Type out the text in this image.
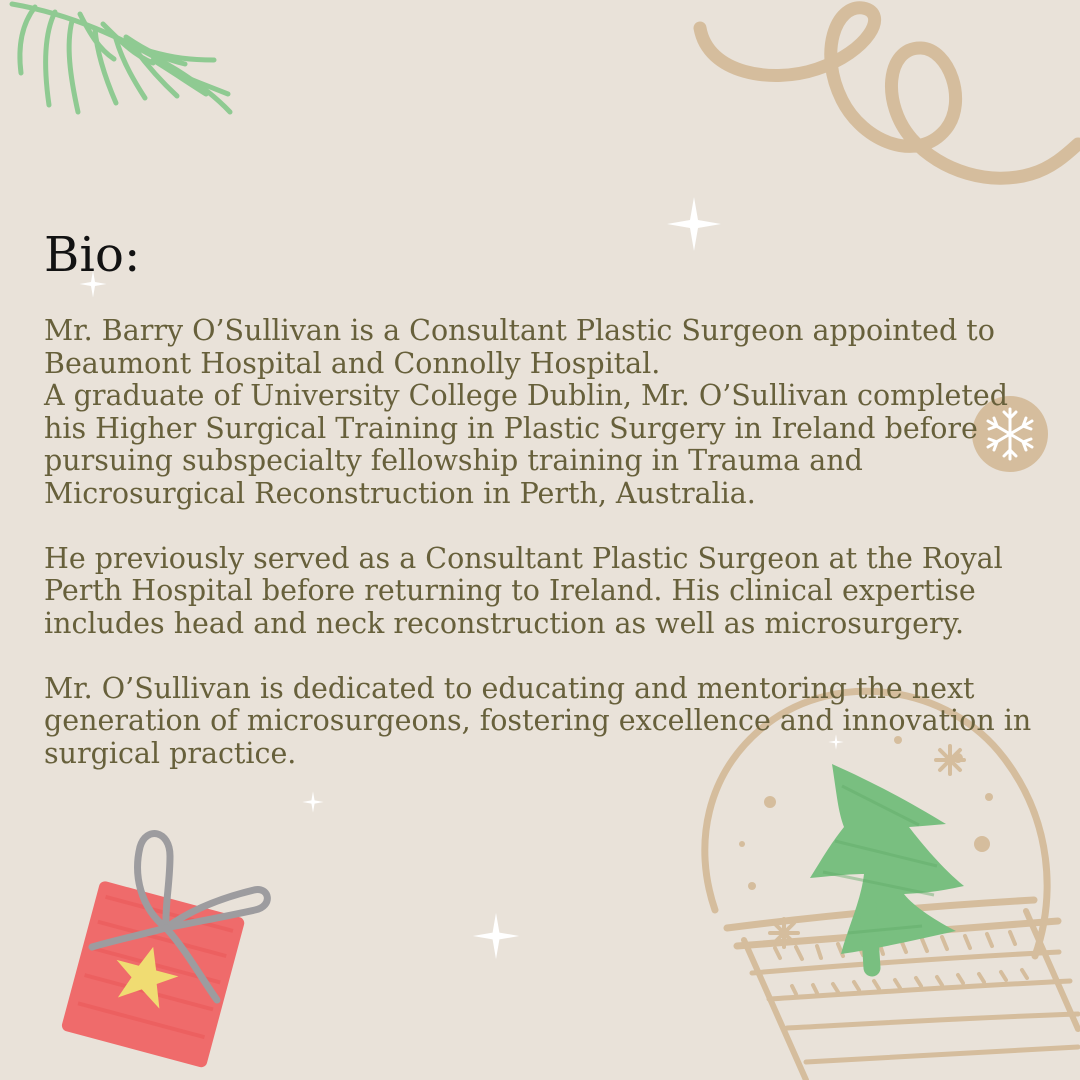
Bio:

Mr. Barry O’Sullivan is a Consultant Plastic Surgeon appointed to Beaumont Hospital and Connolly Hospital.

A graduate of University College Dublin, Mr. O’Sullivan completed his Higher Surgical Training in Plastic Surgery in Ireland before pursuing subspecialty fellowship training in Trauma and Microsurgical Reconstruction in Perth, Australia.

He previously served as a Consultant Plastic Surgeon at the Royal Perth Hospital before returning to Ireland. His clinical expertise includes head and neck reconstruction as well as microsurgery.

Mr. O’Sullivan is dedicated to educating and mentoring the next generation of microsurgeons, fostering excellence and innovation in surgical practice.
